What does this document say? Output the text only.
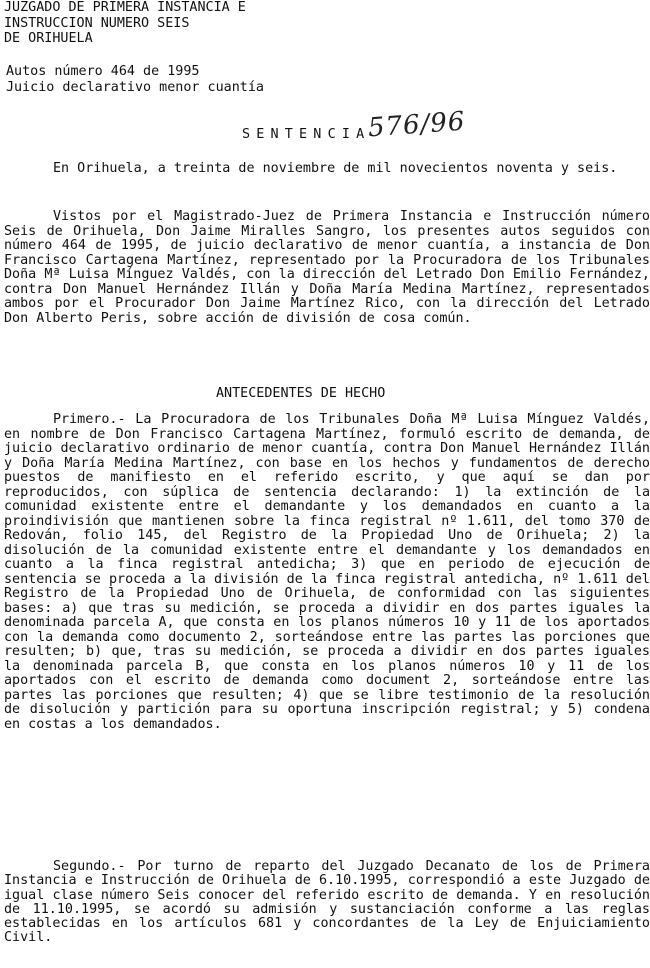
JUZGADO DE PRIMERA INSTANCIA E
INSTRUCCION NUMERO SEIS
DE ORIHUELA
Autos número 464 de 1995
Juicio declarativo menor cuantía
SENTENCIA
576/96

En Orihuela, a treinta de noviembre de mil novecientos noventa y seis.

Vistos por el Magistrado-Juez de Primera Instancia e Instrucción número Seis de Orihuela, Don Jaime Miralles Sangro, los presentes autos seguidos con número 464 de 1995, de juicio declarativo de menor cuantía, a instancia de Don Francisco Cartagena Martínez, representado por la Procuradora de los Tribunales Doña Mª Luisa Mínguez Valdés, con la dirección del Letrado Don Emilio Fernández, contra Don Manuel Hernández Illán y Doña María Medina Martínez, representados ambos por el Procurador Don Jaime Martínez Rico, con la dirección del Letrado Don Alberto Peris, sobre acción de división de cosa común.

ANTECEDENTES DE HECHO

Primero.- La Procuradora de los Tribunales Doña Mª Luisa Mínguez Valdés, en nombre de Don Francisco Cartagena Martínez, formuló escrito de demanda, de juicio declarativo ordinario de menor cuantía, contra Don Manuel Hernández Illán y Doña María Medina Martínez, con base en los hechos y fundamentos de derecho puestos de manifiesto en el referido escrito, y que aquí se dan por reproducidos, con súplica de sentencia declarando: 1) la extinción de la comunidad existente entre el demandante y los demandados en cuanto a la proindivisión que mantienen sobre la finca registral nº 1.611, del tomo 370 de Redován, folio 145, del Registro de la Propiedad Uno de Orihuela; 2) la disolución de la comunidad existente entre el demandante y los demandados en cuanto a la finca registral antedicha; 3) que en periodo de ejecución de sentencia se proceda a la división de la finca registral antedicha, nº 1.611 del Registro de la Propiedad Uno de Orihuela, de conformidad con las siguientes bases: a) que tras su medición, se proceda a dividir en dos partes iguales la denominada parcela A, que consta en los planos números 10 y 11 de los aportados con la demanda como documento 2, sorteándose entre las partes las porciones que resulten; b) que, tras su medición, se proceda a dividir en dos partes iguales la denominada parcela B, que consta en los planos números 10 y 11 de los aportados con el escrito de demanda como document 2, sorteándose entre las partes las porciones que resulten; 4) que se libre testimonio de la resolución de disolución y partición para su oportuna inscripción registral; y 5) condena en costas a los demandados.

Segundo.- Por turno de reparto del Juzgado Decanato de los de Primera Instancia e Instrucción de Orihuela de 6.10.1995, correspondió a este Juzgado de igual clase número Seis conocer del referido escrito de demanda. Y en resolución de 11.10.1995, se acordó su admisión y sustanciación conforme a las reglas establecidas en los artículos 681 y concordantes de la Ley de Enjuiciamiento Civil.
